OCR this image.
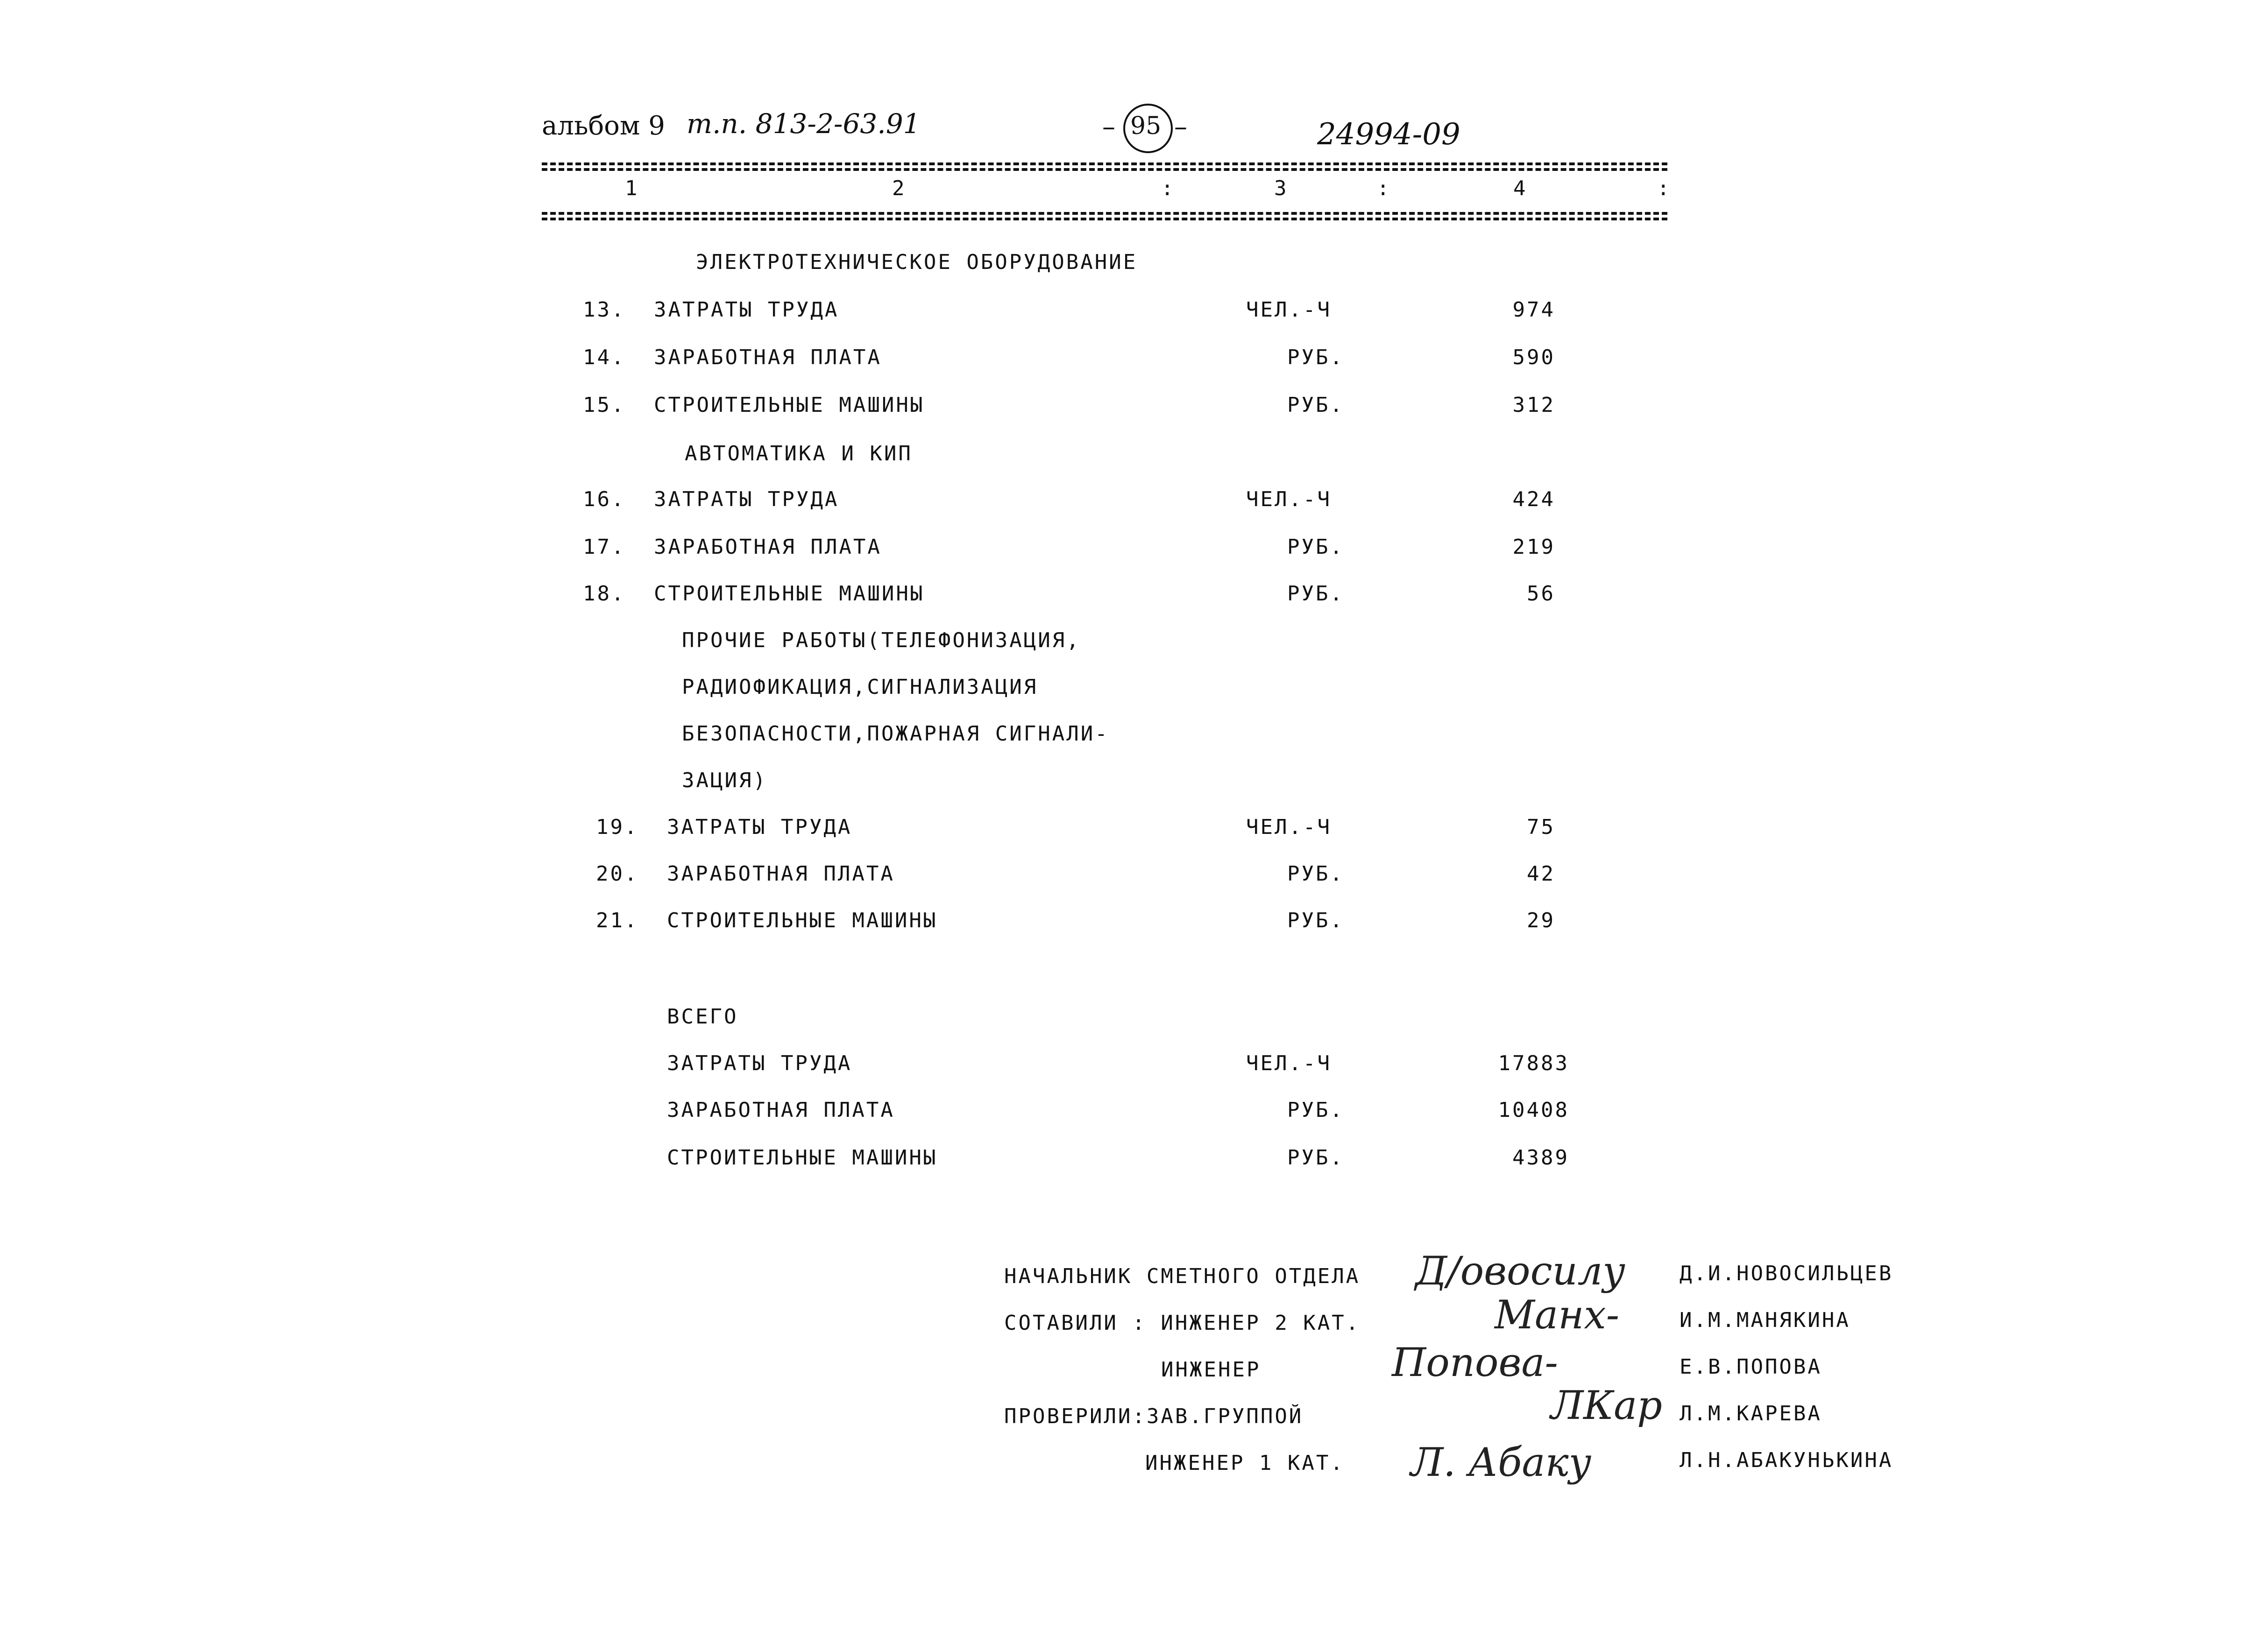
альбом 9 т.п. 813-2-63.91	– 95 –	24994-09
1	2	:	3	:	4	:
ЭЛЕКТРОТЕХНИЧЕСКОЕ ОБОРУДОВАНИЕ
13. ЗАТРАТЫ ТРУДА	ЧЕЛ.-Ч	974
14. ЗАРАБОТНАЯ ПЛАТА	РУБ.	590
15. СТРОИТЕЛЬНЫЕ МАШИНЫ	РУБ.	312
АВТОМАТИКА И КИП
16. ЗАТРАТЫ ТРУДА	ЧЕЛ.-Ч	424
17. ЗАРАБОТНАЯ ПЛАТА	РУБ.	219
18. СТРОИТЕЛЬНЫЕ МАШИНЫ	РУБ.	56
ПРОЧИЕ РАБОТЫ(ТЕЛЕФОНИЗАЦИЯ,
РАДИОФИКАЦИЯ,СИГНАЛИЗАЦИЯ
БЕЗОПАСНОСТИ,ПОЖАРНАЯ СИГНАЛИ-
ЗАЦИЯ)
19. ЗАТРАТЫ ТРУДА	ЧЕЛ.-Ч	75
20. ЗАРАБОТНАЯ ПЛАТА	РУБ.	42
21. СТРОИТЕЛЬНЫЕ МАШИНЫ	РУБ.	29
ВСЕГО
ЗАТРАТЫ ТРУДА	ЧЕЛ.-Ч	17883
ЗАРАБОТНАЯ ПЛАТА	РУБ.	10408
СТРОИТЕЛЬНЫЕ МАШИНЫ	РУБ.	4389
НАЧАЛЬНИК СМЕТНОГО ОТДЕЛА Д/овосилу	Д.И.НОВОСИЛЬЦЕВ
СОТАВИЛИ : ИНЖЕНЕР 2 КАТ.	Манх-	И.М.МАНЯКИНА
ИНЖЕНЕР	Попова-	Е.В.ПОПОВА
ПРОВЕРИЛИ:ЗАВ.ГРУППОЙ	ЛКар Л.М.КАРЕВА
ИНЖЕНЕР 1 КАТ. Л. Абаку	Л.Н.АБАКУНЬКИНА
